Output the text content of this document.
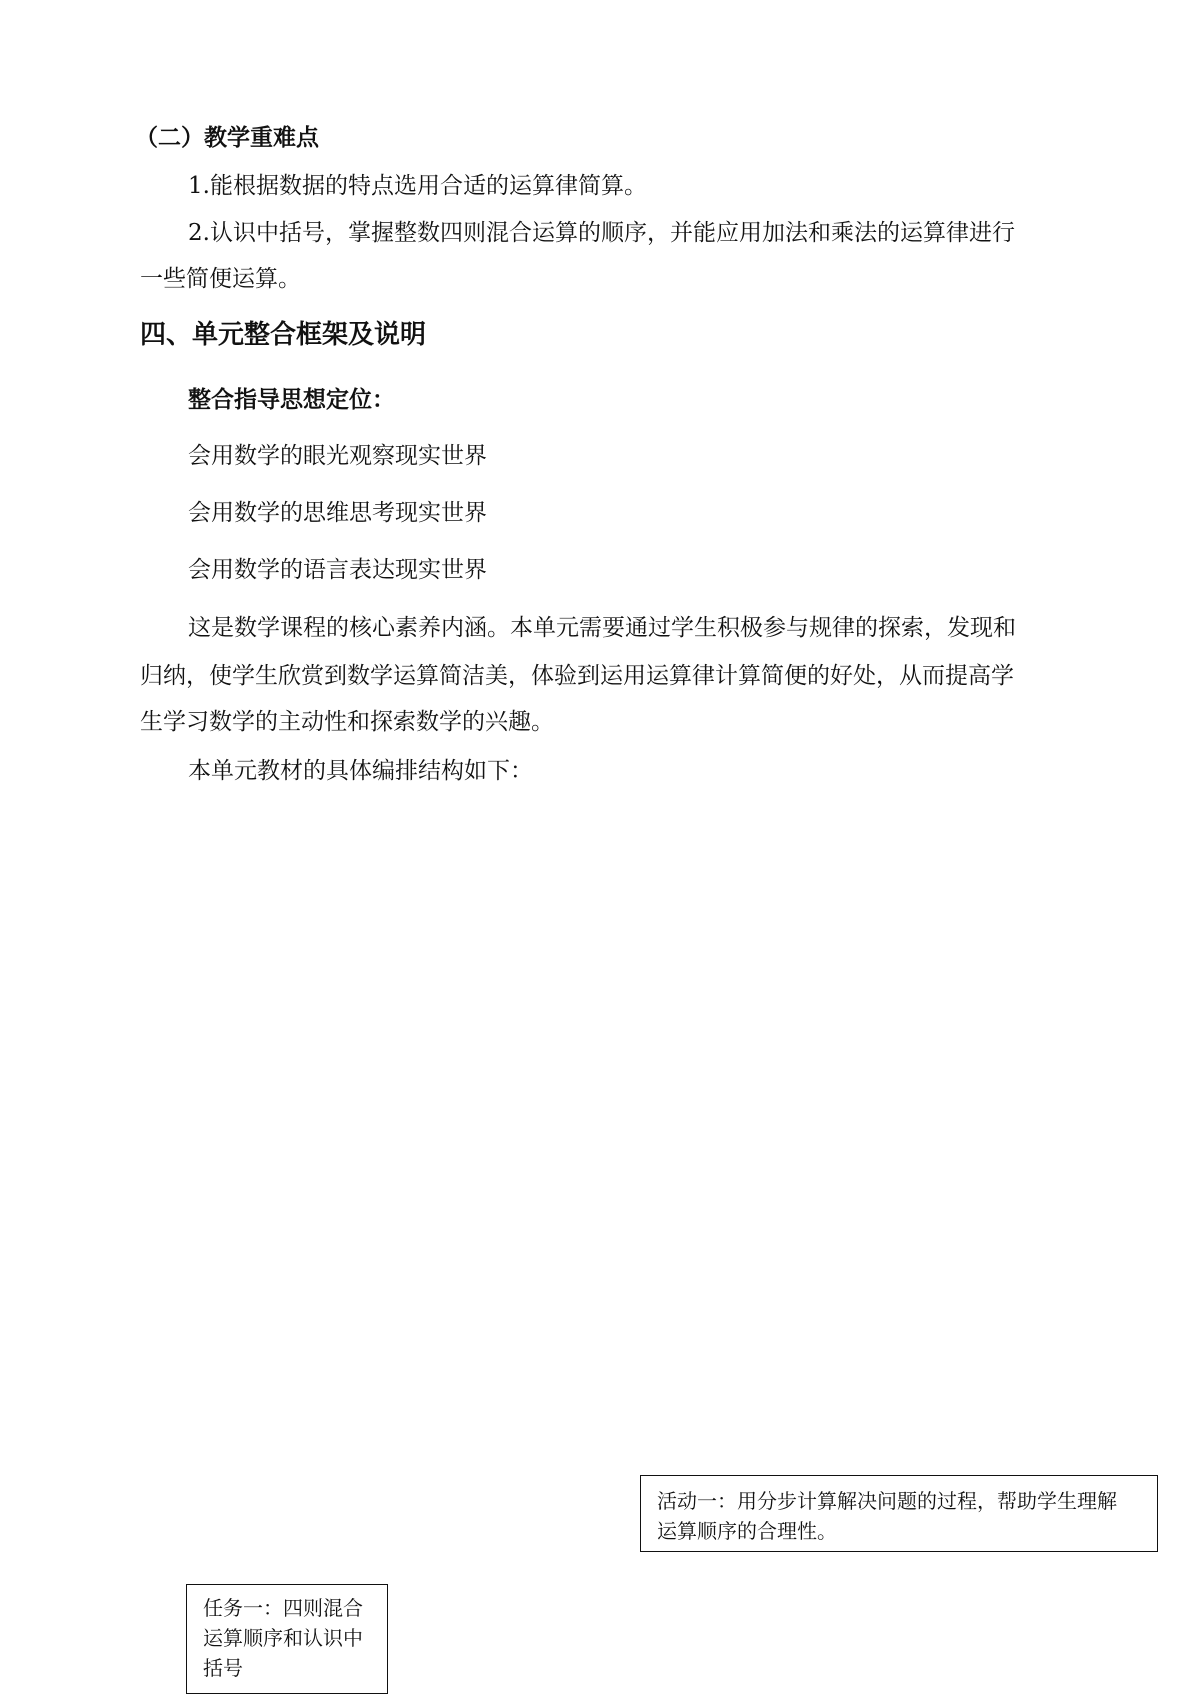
（二）教学重难点
1.能根据数据的特点选用合适的运算律简算。
2.认识中括号，掌握整数四则混合运算的顺序，并能应用加法和乘法的运算律进行
一些简便运算。
四、单元整合框架及说明
整合指导思想定位：
会用数学的眼光观察现实世界
会用数学的思维思考现实世界
会用数学的语言表达现实世界
这是数学课程的核心素养内涵。本单元需要通过学生积极参与规律的探索，发现和
归纳，使学生欣赏到数学运算简洁美，体验到运用运算律计算简便的好处，从而提高学
生学习数学的主动性和探索数学的兴趣。
本单元教材的具体编排结构如下：
活动一：用分步计算解决问题的过程，帮助学生理解
运算顺序的合理性。
任务一：四则混合
运算顺序和认识中
括号
